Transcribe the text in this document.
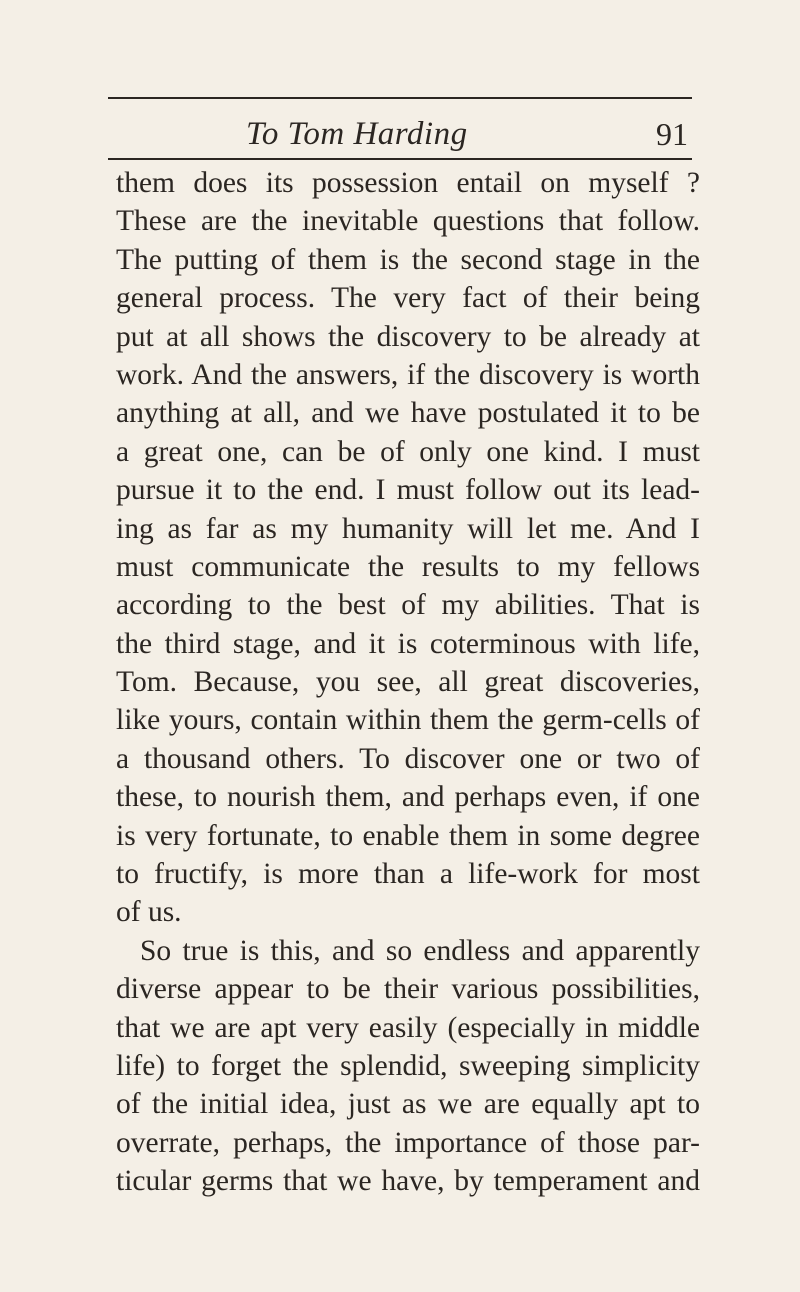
To Tom Harding	91
them does its possession entail on myself ?
These are the inevitable questions that follow.
The putting of them is the second stage in the
general process. The very fact of their being
put at all shows the discovery to be already at
work. And the answers, if the discovery is worth
anything at all, and we have postulated it to be
a great one, can be of only one kind. I must
pursue it to the end. I must follow out its lead-
ing as far as my humanity will let me. And I
must communicate the results to my fellows
according to the best of my abilities. That is
the third stage, and it is coterminous with life,
Tom. Because, you see, all great discoveries,
like yours, contain within them the germ-cells of
a thousand others. To discover one or two of
these, to nourish them, and perhaps even, if one
is very fortunate, to enable them in some degree
to fructify, is more than a life-work for most
of us.
So true is this, and so endless and apparently
diverse appear to be their various possibilities,
that we are apt very easily (especially in middle
life) to forget the splendid, sweeping simplicity
of the initial idea, just as we are equally apt to
overrate, perhaps, the importance of those par-
ticular germs that we have, by temperament and
